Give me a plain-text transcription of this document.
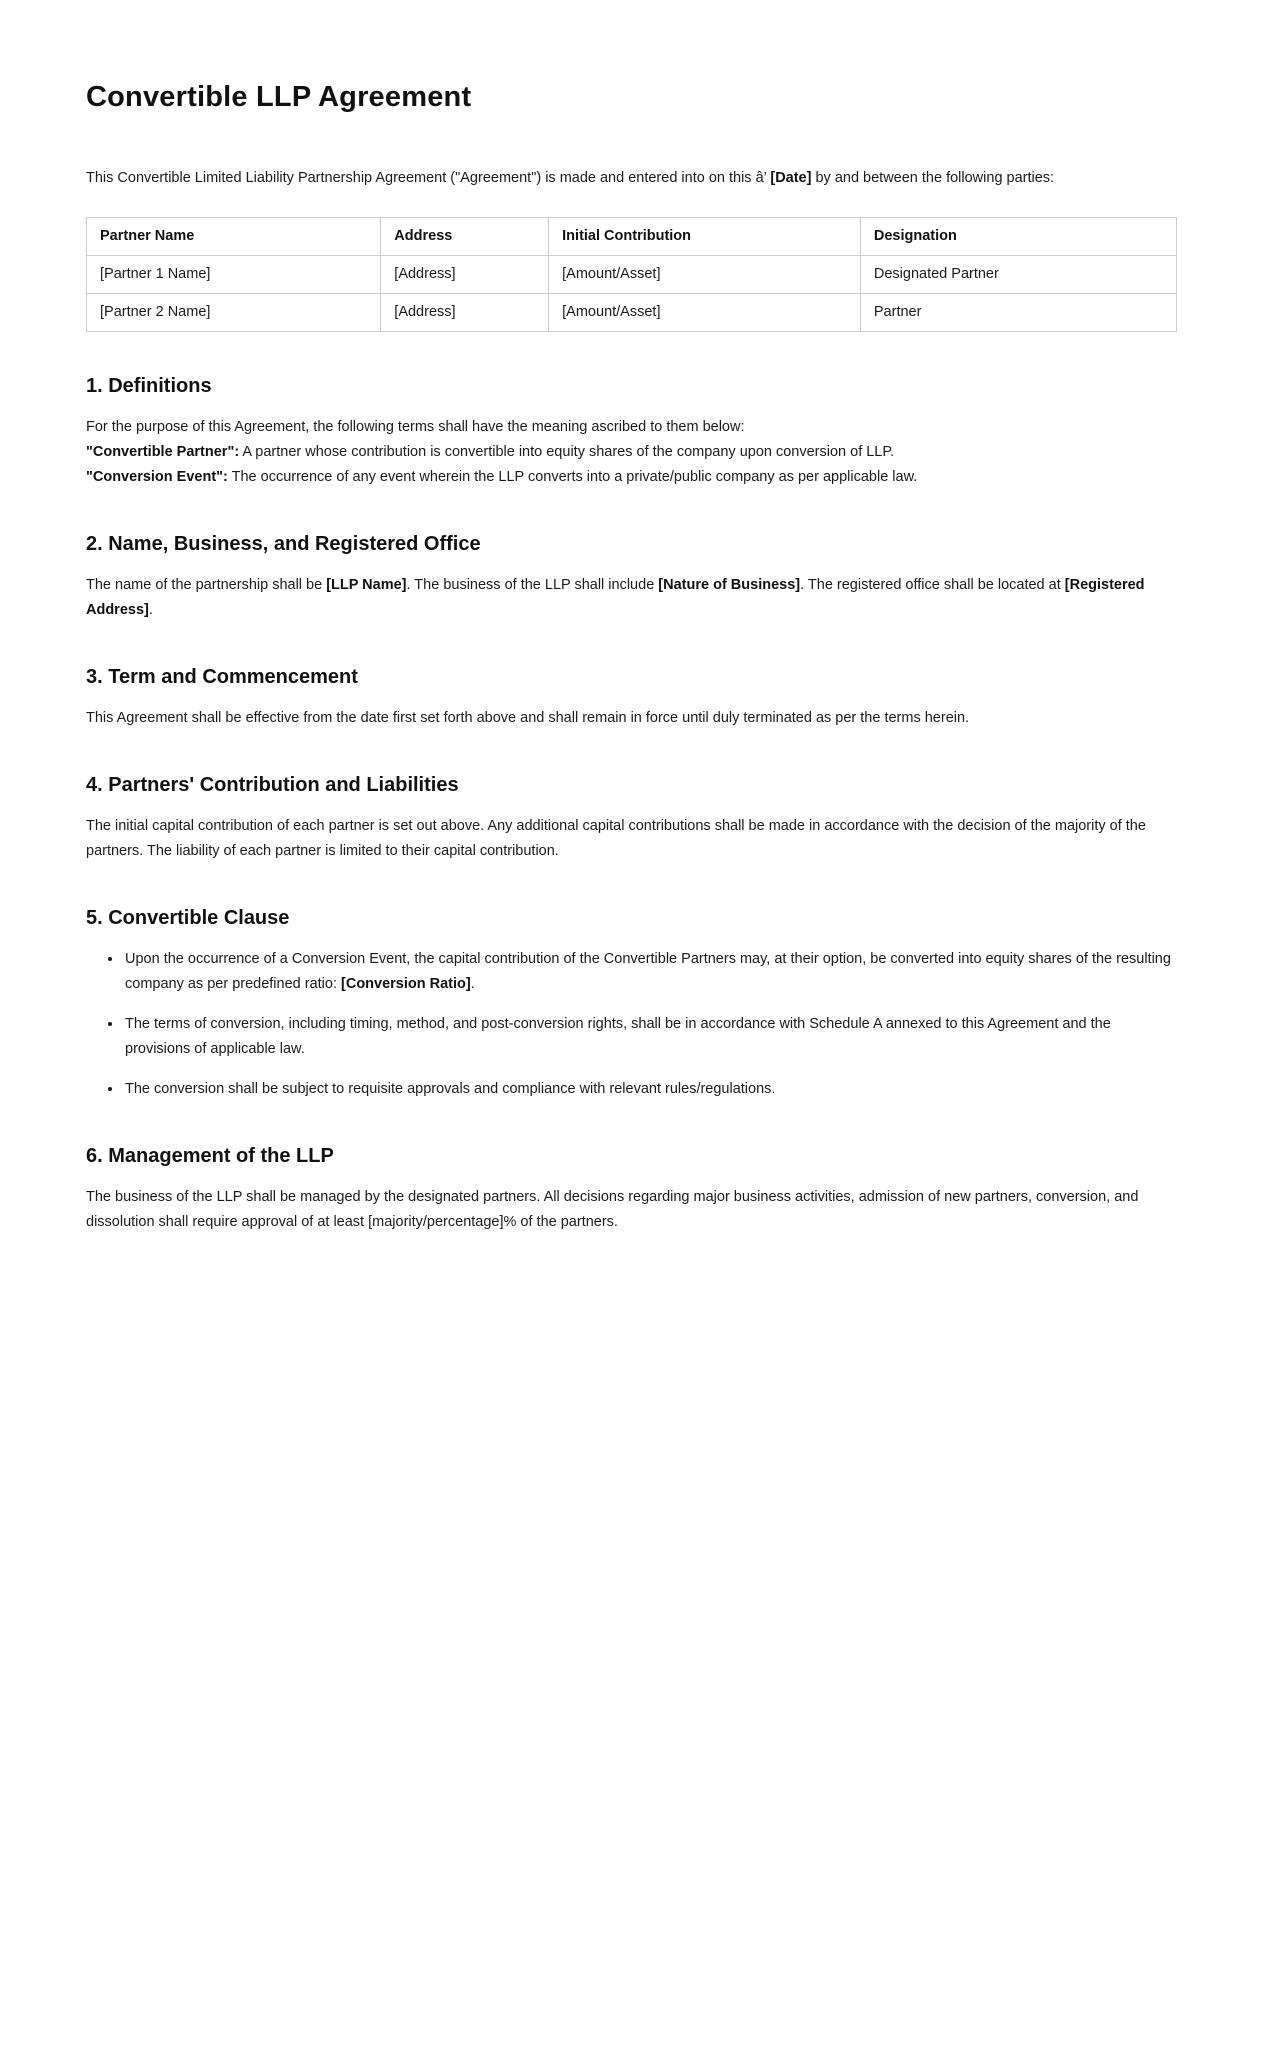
Convertible LLP Agreement

This Convertible Limited Liability Partnership Agreement ("Agreement") is made and entered into on this â’ [Date] by and between the following parties:

Partner Name	Address	Initial Contribution	Designation
[Partner 1 Name]	[Address]	[Amount/Asset]	Designated Partner
[Partner 2 Name]	[Address]	[Amount/Asset]	Partner
1. Definitions

For the purpose of this Agreement, the following terms shall have the meaning ascribed to them below:
"Convertible Partner": A partner whose contribution is convertible into equity shares of the company upon conversion of LLP.
"Conversion Event": The occurrence of any event wherein the LLP converts into a private/public company as per applicable law.

2. Name, Business, and Registered Office

The name of the partnership shall be [LLP Name]. The business of the LLP shall include [Nature of Business]. The registered office shall be located at [Registered Address].

3. Term and Commencement

This Agreement shall be effective from the date first set forth above and shall remain in force until duly terminated as per the terms herein.

4. Partners' Contribution and Liabilities

The initial capital contribution of each partner is set out above. Any additional capital contributions shall be made in accordance with the decision of the majority of the partners. The liability of each partner is limited to their capital contribution.

5. Convertible Clause
• Upon the occurrence of a Conversion Event, the capital contribution of the Convertible Partners may, at their option, be converted into equity shares of the resulting company as per predefined ratio: [Conversion Ratio].
• The terms of conversion, including timing, method, and post-conversion rights, shall be in accordance with Schedule A annexed to this Agreement and the provisions of applicable law.
• The conversion shall be subject to requisite approvals and compliance with relevant rules/regulations.
6. Management of the LLP

The business of the LLP shall be managed by the designated partners. All decisions regarding major business activities, admission of new partners, conversion, and dissolution shall require approval of at least [majority/percentage]% of the partners.
